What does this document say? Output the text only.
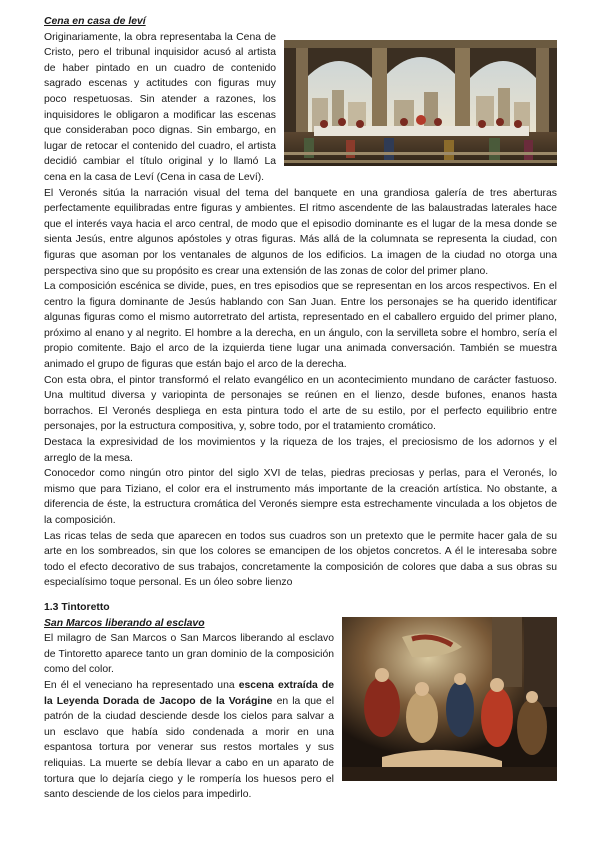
Cena en casa de leví

Originariamente, la obra representaba la Cena de Cristo, pero el tribunal inquisidor acusó al artista de haber pintado en un cuadro de contenido sagrado escenas y actitudes con figuras muy poco respetuosas. Sin atender a razones, los inquisidores le obligaron a modificar las escenas que consideraban poco dignas. Sin embargo, en lugar de retocar el contenido del cuadro, el artista decidió cambiar el título original y lo llamó La cena en la casa de Leví (Cena in casa de Leví).

El Veronés sitúa la narración visual del tema del banquete en una grandiosa galería de tres aberturas perfectamente equilibradas entre figuras y ambientes. El ritmo ascendente de las balaustradas laterales hace que el interés vaya hacia el arco central, de modo que el episodio dominante es el lugar de la mesa donde se sienta Jesús, entre algunos apóstoles y otras figuras. Más allá de la columnata se representa la ciudad, con figuras que asoman por los ventanales de algunos de los edificios. La imagen de la ciudad no otorga una perspectiva sino que su propósito es crear una extensión de las zonas de color del primer plano.

La composición escénica se divide, pues, en tres episodios que se representan en los arcos respectivos. En el centro la figura dominante de Jesús hablando con San Juan. Entre los personajes se ha querido identificar algunas figuras como el mismo autorretrato del artista, representado en el caballero erguido del primer plano, próximo al enano y al negrito. El hombre a la derecha, en un ángulo, con la servilleta sobre el hombro, sería el propio comitente. Bajo el arco de la izquierda tiene lugar una animada conversación. También se muestra animado el grupo de figuras que están bajo el arco de la derecha.

Con esta obra, el pintor transformó el relato evangélico en un acontecimiento mundano de carácter fastuoso. Una multitud diversa y variopinta de personajes se reúnen en el lienzo, desde bufones, enanos hasta borrachos. El Veronés despliega en esta pintura todo el arte de su estilo, por el perfecto equilibrio entre personajes, por la estructura compositiva, y, sobre todo, por el tratamiento cromático.

Destaca la expresividad de los movimientos y la riqueza de los trajes, el preciosismo de los adornos y el arreglo de la mesa.

Conocedor como ningún otro pintor del siglo XVI de telas, piedras preciosas y perlas, para el Veronés, lo mismo que para Tiziano, el color era el instrumento más importante de la creación artística. No obstante, a diferencia de éste, la estructura cromática del Veronés siempre esta estrechamente vinculada a los objetos de la composición.

Las ricas telas de seda que aparecen en todos sus cuadros son un pretexto que le permite hacer gala de su arte en los sombreados, sin que los colores se emancipen de los objetos concretos. A él le interesaba sobre todo el efecto decorativo de sus trabajos, concretamente la composición de colores que daba a sus obras su especialísimo toque personal. Es un óleo sobre lienzo

1.3 Tintoretto

San Marcos liberando al esclavo

El milagro de San Marcos o San Marcos liberando al esclavo de Tintoretto aparece tanto un gran dominio de la composición como del color.

En él el veneciano ha representado una escena extraída de la Leyenda Dorada de Jacopo de la Vorágine en la que el patrón de la ciudad desciende desde los cielos para salvar a un esclavo que había sido condenada a morir en una espantosa tortura por venerar sus restos mortales y sus reliquias. La muerte se debía llevar a cabo en un aparato de tortura que lo dejaría ciego y le rompería los huesos pero el santo desciende de los cielos para impedirlo.
